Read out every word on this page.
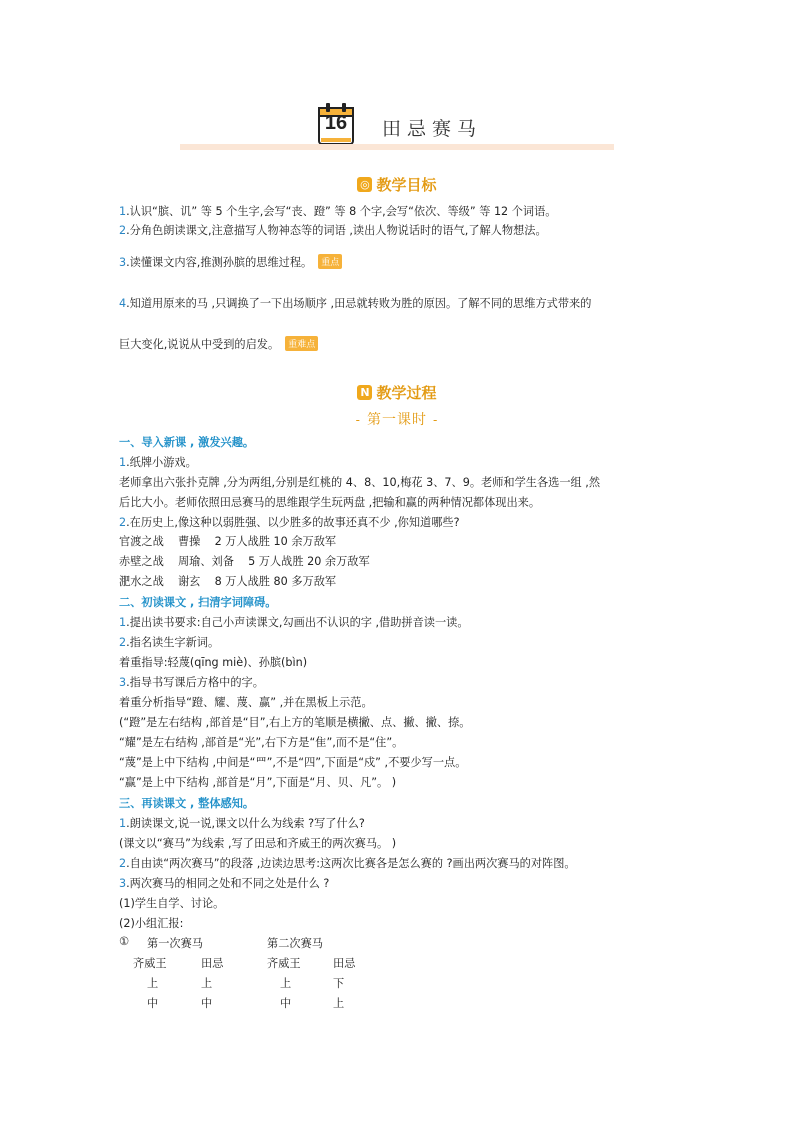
16	田忌赛马
◎ 教学目标
1.认识“膑、讥” 等 5 个生字,会写“丧、蹬” 等 8 个字,会写“依次、等级” 等 12 个词语。
2.分角色朗读课文,注意描写人物神态等的词语 ,读出人物说话时的语气,了解人物想法。
3.读懂课文内容,推测孙膑的思维过程。 重点
4.知道用原来的马 ,只调换了一下出场顺序 ,田忌就转败为胜的原因。了解不同的思维方式带来的
巨大变化,说说从中受到的启发。 重难点
N 教学过程
- 第一课时 -
一、导入新课 , 激发兴趣。
1.纸牌小游戏。
老师拿出六张扑克牌 ,分为两组,分别是红桃的 4、8、10,梅花 3、7、9。老师和学生各选一组 ,然
后比大小。老师依照田忌赛马的思维跟学生玩两盘 ,把输和赢的两种情况都体现出来。
2.在历史上,像这种以弱胜强、以少胜多的故事还真不少 ,你知道哪些?
官渡之战    曹操    2 万人战胜 10 余万敌军
赤壁之战    周瑜、刘备    5 万人战胜 20 余万敌军
淝水之战    谢玄    8 万人战胜 80 多万敌军
二、初读课文 , 扫清字词障碍。
1.提出读书要求:自己小声读课文,勾画出不认识的字 ,借助拼音读一读。
2.指名读生字新词。
着重指导:轻蔑(qīng miè)、孙膑(bìn)
3.指导书写课后方格中的字。
着重分析指导“蹬、耀、蔑、赢” ,并在黑板上示范。
(“蹬”是左右结构 ,部首是“目”,右上方的笔顺是横撇、点、撇、撇、捺。
“耀”是左右结构 ,部首是“光”,右下方是“隹”,而不是“住”。
“蔑”是上中下结构 ,中间是“罒”,不是“四”,下面是“戍” ,不要少写一点。
“赢”是上中下结构 ,部首是“月”,下面是“月、贝、凡”。 )
三、再读课文 , 整体感知。
1.朗读课文,说一说,课文以什么为线索 ?写了什么?
(课文以“赛马”为线索 ,写了田忌和齐威王的两次赛马。 )
2.自由读“两次赛马”的段落 ,边读边思考:这两次比赛各是怎么赛的 ?画出两次赛马的对阵图。
3.两次赛马的相同之处和不同之处是什么 ?
(1)学生自学、讨论。
(2)小组汇报:
① 第一次赛马	第二次赛马
齐威王	田忌	齐威王	田忌
上	上	上	下
中	中	中	上
